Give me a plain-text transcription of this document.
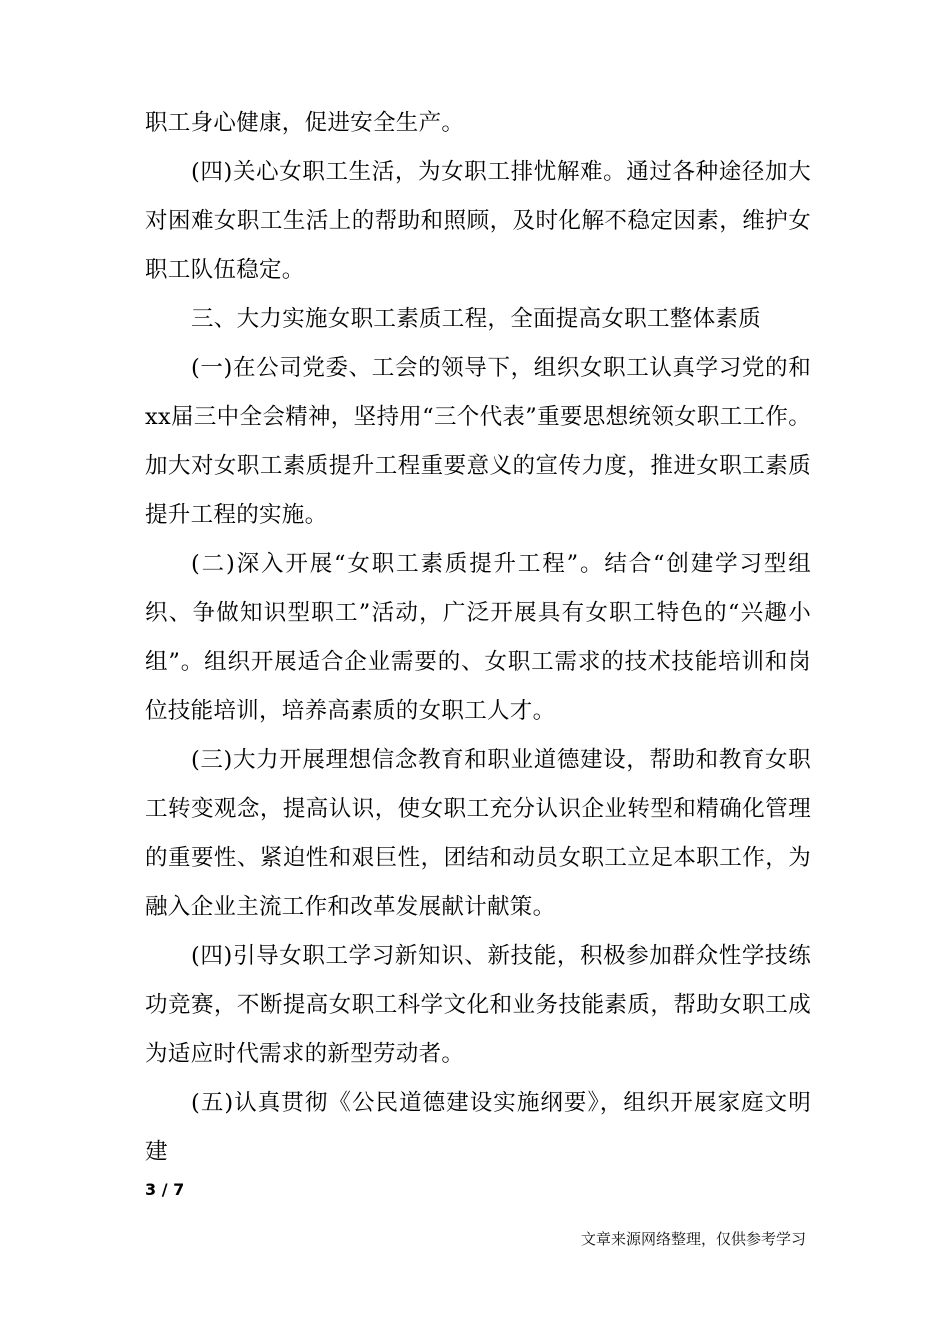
职工身心健康，促进安全生产。

(四)关心女职工生活，为女职工排忧解难。通过各种途径加大对困难女职工生活上的帮助和照顾，及时化解不稳定因素，维护女职工队伍稳定。

三、大力实施女职工素质工程，全面提高女职工整体素质

(一)在公司党委、工会的领导下，组织女职工认真学习党的和xx届三中全会精神，坚持用“三个代表”重要思想统领女职工工作。加大对女职工素质提升工程重要意义的宣传力度，推进女职工素质提升工程的实施。

(二)深入开展“女职工素质提升工程”。结合“创建学习型组织、争做知识型职工”活动，广泛开展具有女职工特色的“兴趣小组”。组织开展适合企业需要的、女职工需求的技术技能培训和岗位技能培训，培养高素质的女职工人才。

(三)大力开展理想信念教育和职业道德建设，帮助和教育女职工转变观念，提高认识，使女职工充分认识企业转型和精确化管理的重要性、紧迫性和艰巨性，团结和动员女职工立足本职工作，为融入企业主流工作和改革发展献计献策。

(四)引导女职工学习新知识、新技能，积极参加群众性学技练功竞赛，不断提高女职工科学文化和业务技能素质，帮助女职工成为适应时代需求的新型劳动者。

(五)认真贯彻《公民道德建设实施纲要》，组织开展家庭文明建

3 / 7
文章来源网络整理，仅供参考学习
